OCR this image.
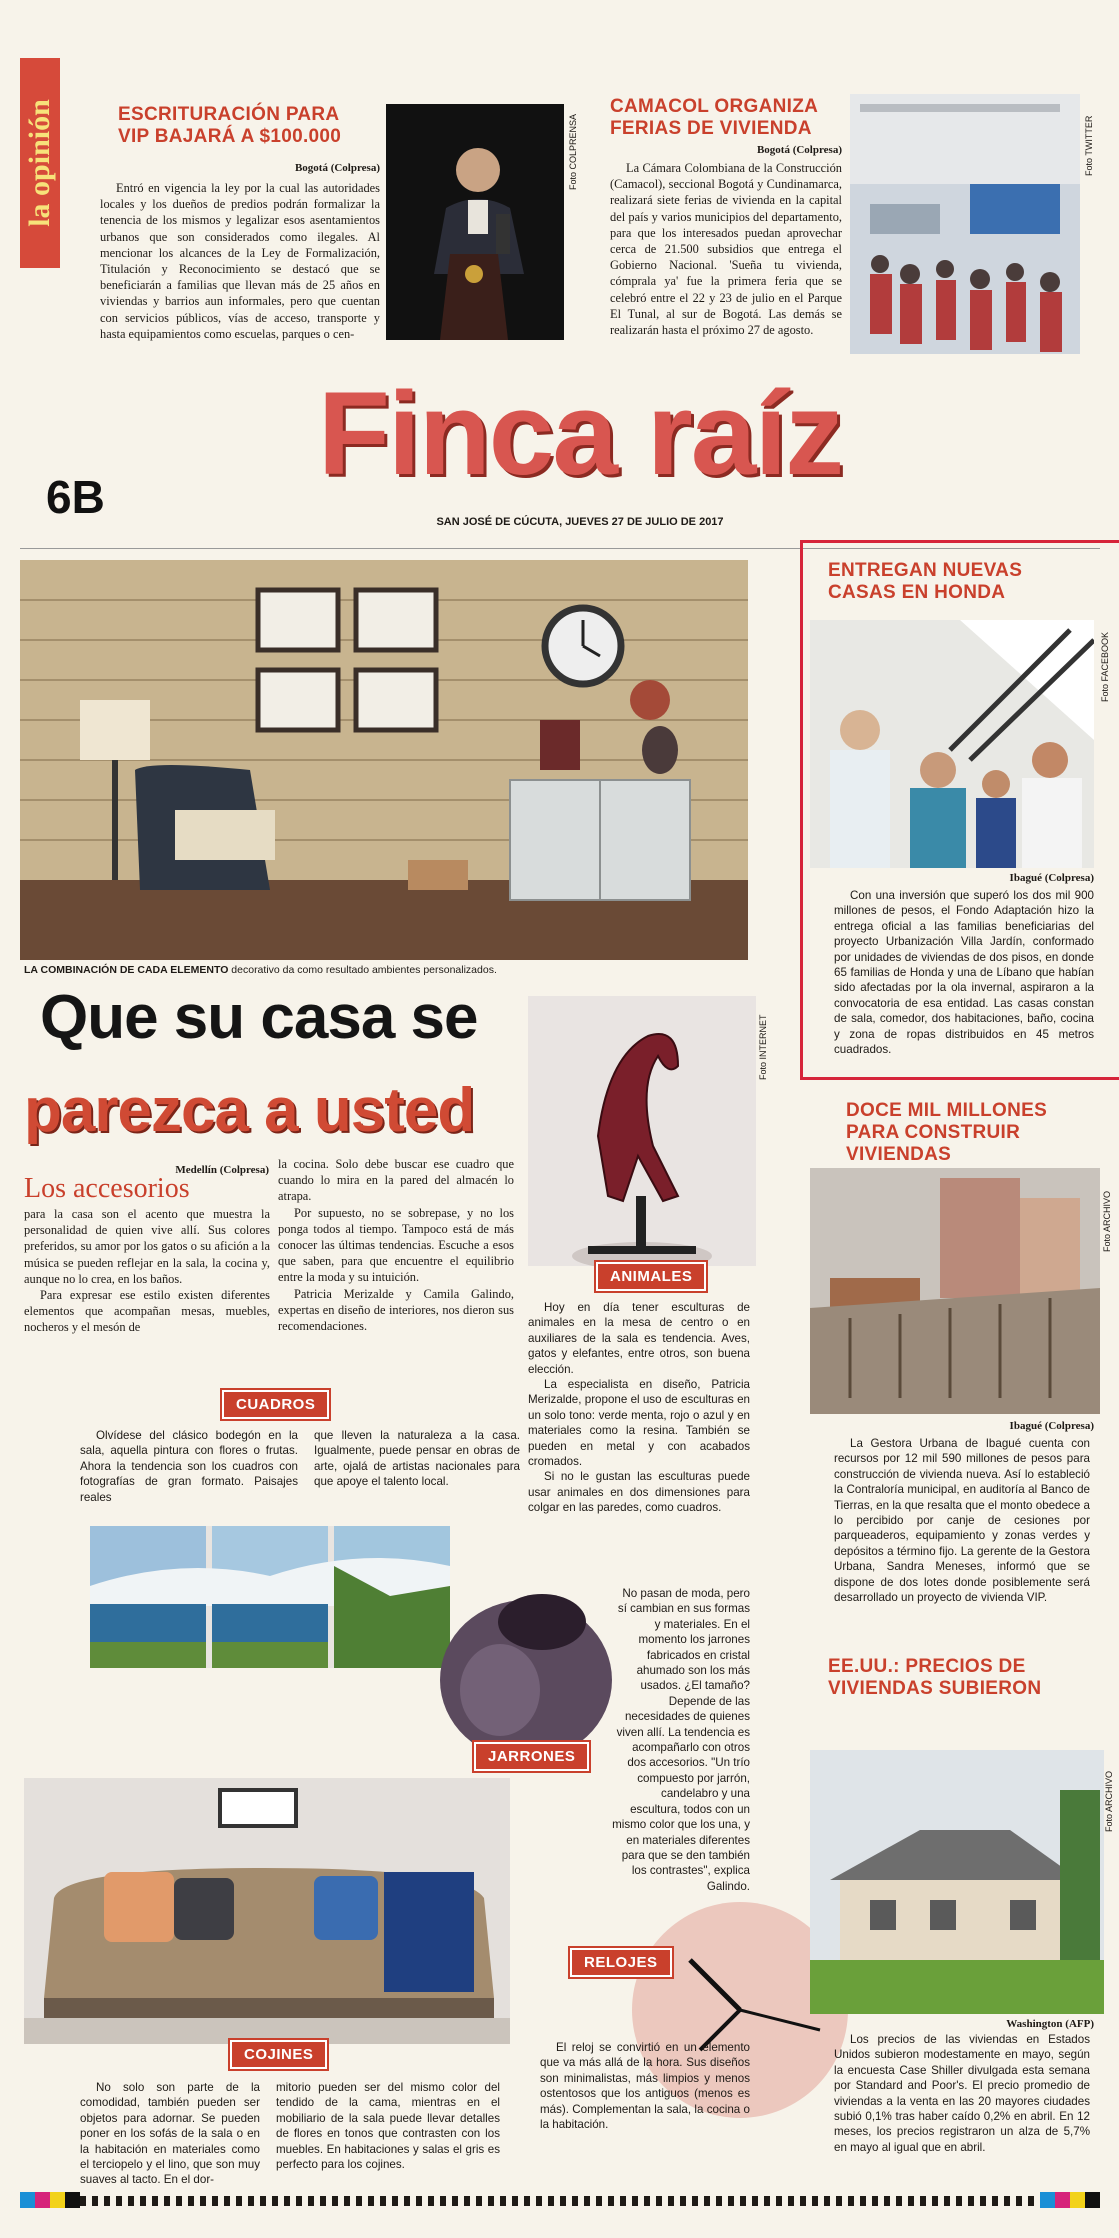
la opinión	ESCRITURACIÓN PARA VIP BAJARÁ A $100.000
Bogotá (Colpresa)

Entró en vigencia la ley por la cual las autoridades locales y los dueños de predios podrán formalizar la tenencia de los mismos y legalizar esos asentamientos urbanos que son considerados como ilegales. Al mencionar los alcances de la Ley de Formalización, Titulación y Reconocimiento se destacó que se beneficiarán a familias que llevan más de 25 años en viviendas y barrios aun informales, pero que cuentan con servicios públicos, vías de acceso, transporte y hasta equipamientos como escuelas, parques o cen-

Foto COLPRENSA
CAMACOL ORGANIZA FERIAS DE VIVIENDA
Bogotá (Colpresa)

La Cámara Colombiana de la Construcción (Camacol), seccional Bogotá y Cundinamarca, realizará siete ferias de vivienda en la capital del país y varios municipios del departamento, para que los interesados puedan aprovechar cerca de 21.500 subsidios que entrega el Gobierno Nacional. 'Sueña tu vivienda, cómprala ya' fue la primera feria que se celebró entre el 22 y 23 de julio en el Parque El Tunal, al sur de Bogotá. Las demás se realizarán hasta el próximo 27 de agosto.

Foto TWITTER
6B	Finca raíz
SAN JOSÉ DE CÚCUTA, JUEVES 27 DE JULIO DE 2017
LA COMBINACIÓN DE CADA ELEMENTO decorativo da como resultado ambientes personalizados.
Que su casa se
parezca a usted
Medellín (Colpresa)
Los accesorios

para la casa son el acento que muestra la personalidad de quien vive allí. Sus colores preferidos, su amor por los gatos o su afición a la música se pueden reflejar en la sala, la cocina y, aunque no lo crea, en los baños.

Para expresar ese estilo existen diferentes elementos que acompañan mesas, muebles, nocheros y el mesón de

la cocina. Solo debe buscar ese cuadro que cuando lo mira en la pared del almacén lo atrapa.

Por supuesto, no se sobrepase, y no los ponga todos al tiempo. Tampoco está de más conocer las últimas tendencias. Escuche a esos que saben, para que encuentre el equilibrio entre la moda y su intuición.

Patricia Merizalde y Camila Galindo, expertas en diseño de interiores, nos dieron sus recomendaciones.

Foto INTERNET
ANIMALES

Hoy en día tener esculturas de animales en la mesa de centro o en auxiliares de la sala es tendencia. Aves, gatos y elefantes, entre otros, son buena elección.

La especialista en diseño, Patricia Merizalde, propone el uso de esculturas en un solo tono: verde menta, rojo o azul y en materiales como la resina. También se pueden en metal y con acabados cromados.

Si no le gustan las esculturas puede usar animales en dos dimensiones para colgar en las paredes, como cuadros.

CUADROS

Olvídese del clásico bodegón en la sala, aquella pintura con flores o frutas. Ahora la tendencia son los cuadros con fotografías de gran formato. Paisajes reales

que lleven la naturaleza a la casa. Igualmente, puede pensar en obras de arte, ojalá de artistas nacionales para que apoye el talento local.

JARRONES

No pasan de moda, pero sí cambian en sus formas y materiales. En el momento los jarrones fabricados en cristal ahumado son los más usados. ¿El tamaño? Depende de las necesidades de quienes viven allí. La tendencia es acompañarlo con otros dos accesorios. "Un trío compuesto por jarrón, candelabro y una escultura, todos con un mismo color que los una, y en materiales diferentes para que se den también los contrastes", explica Galindo.

COJINES

No solo son parte de la comodidad, también pueden ser objetos para adornar. Se pueden poner en los sofás de la sala o en la habitación en materiales como el terciopelo y el lino, que son muy suaves al tacto. En el dor-

mitorio pueden ser del mismo color del tendido de la cama, mientras en el mobiliario de la sala puede llevar detalles de flores en tonos que contrasten con los muebles. En habitaciones y salas el gris es perfecto para los cojines.

RELOJES

El reloj se convirtió en un elemento que va más allá de la hora. Sus diseños son minimalistas, más limpios y menos ostentosos que los antiguos (menos es más). Complementan la sala, la cocina o la habitación.

ENTREGAN NUEVAS CASAS EN HONDA
Foto FACEBOOK
Ibagué (Colpresa)

Con una inversión que superó los dos mil 900 millones de pesos, el Fondo Adaptación hizo la entrega oficial a las familias beneficiarias del proyecto Urbanización Villa Jardín, conformado por unidades de viviendas de dos pisos, en donde 65 familias de Honda y una de Líbano que habían sido afectadas por la ola invernal, aspiraron a la convocatoria de esa entidad. Las casas constan de sala, comedor, dos habitaciones, baño, cocina y zona de ropas distribuidos en 45 metros cuadrados.

DOCE MIL MILLONES PARA CONSTRUIR VIVIENDAS
Foto ARCHIVO
Ibagué (Colpresa)

La Gestora Urbana de Ibagué cuenta con recursos por 12 mil 590 millones de pesos para construcción de vivienda nueva. Así lo estableció la Contraloría municipal, en auditoría al Banco de Tierras, en la que resalta que el monto obedece a lo percibido por canje de cesiones por parqueaderos, equipamiento y zonas verdes y depósitos a término fijo. La gerente de la Gestora Urbana, Sandra Meneses, informó que se dispone de dos lotes donde posiblemente será desarrollado un proyecto de vivienda VIP.

EE.UU.: PRECIOS DE VIVIENDAS SUBIERON
Foto ARCHIVO
Washington (AFP)

Los precios de las viviendas en Estados Unidos subieron modestamente en mayo, según la encuesta Case Shiller divulgada esta semana por Standard and Poor's. El precio promedio de viviendas a la venta en las 20 mayores ciudades subió 0,1% tras haber caído 0,2% en abril. En 12 meses, los precios registraron un alza de 5,7% en mayo al igual que en abril.
